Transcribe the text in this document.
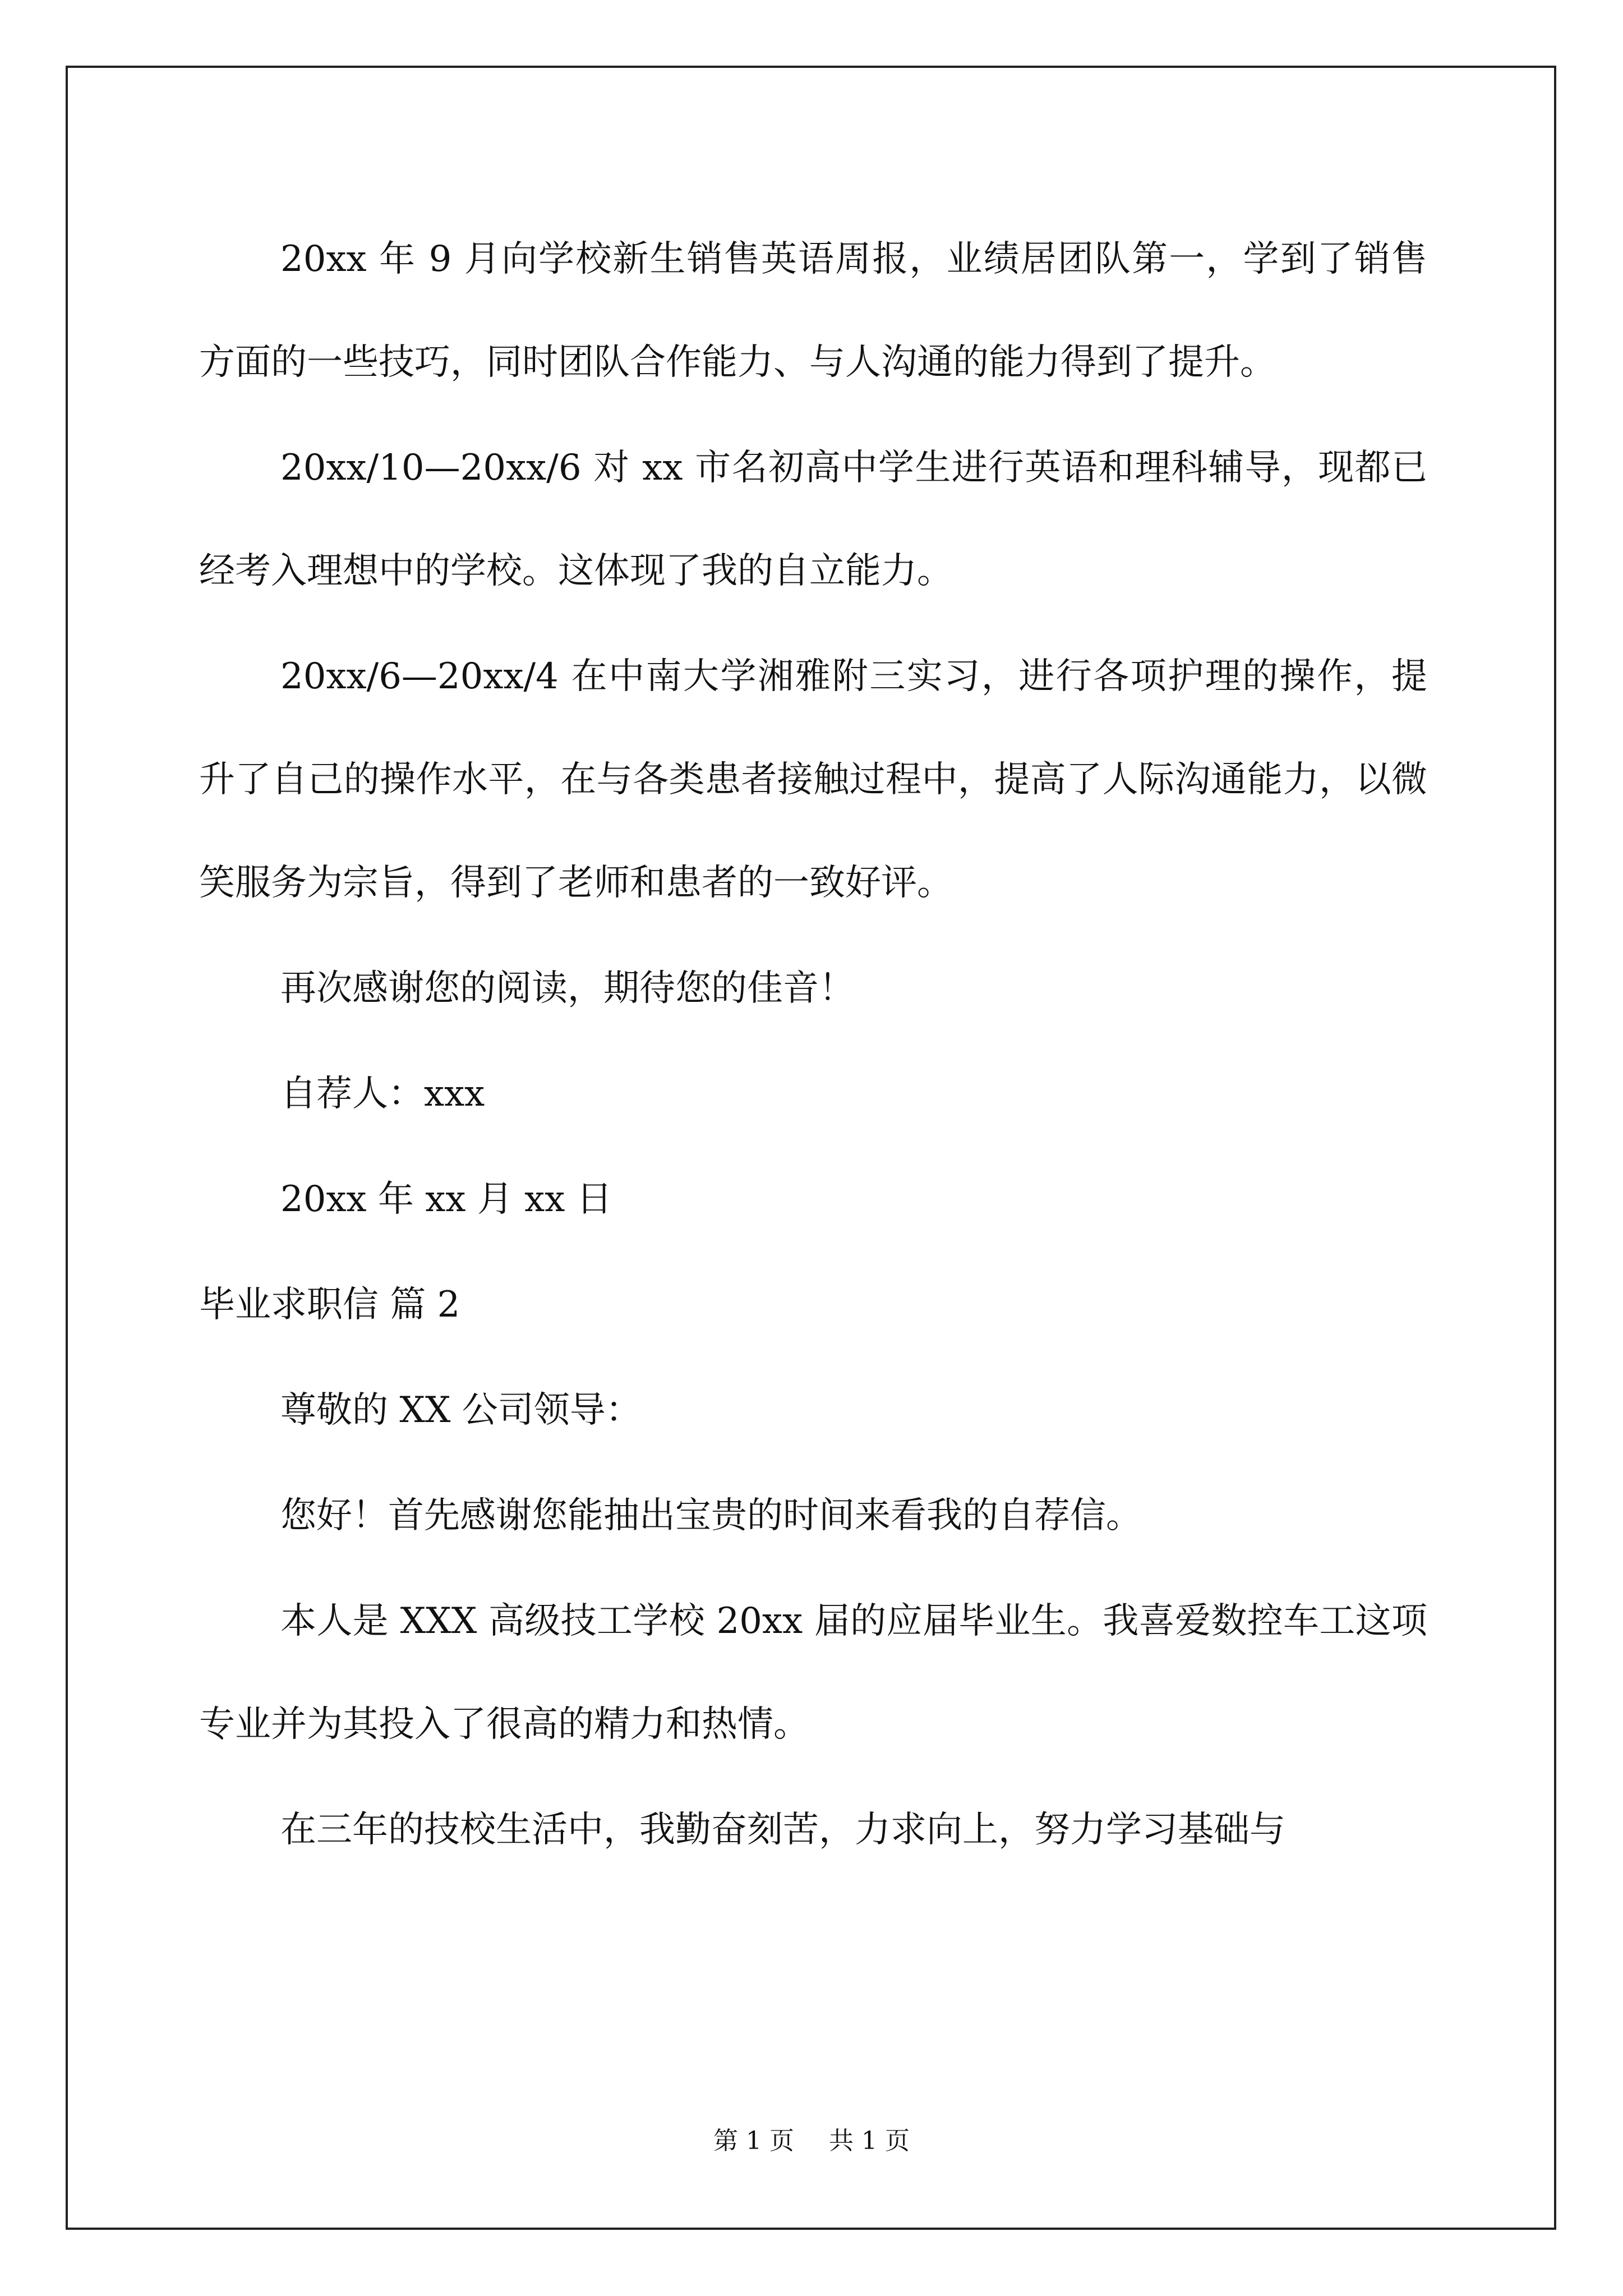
20xx 年 9 月向学校新生销售英语周报，业绩居团队第一，学到了销售方面的一些技巧，同时团队合作能力、与人沟通的能力得到了提升。

20xx/10—20xx/6 对 xx 市名初高中学生进行英语和理科辅导，现都已经考入理想中的学校。这体现了我的自立能力。

20xx/6—20xx/4 在中南大学湘雅附三实习，进行各项护理的操作，提升了自己的操作水平，在与各类患者接触过程中，提高了人际沟通能力，以微笑服务为宗旨，得到了老师和患者的一致好评。

再次感谢您的阅读，期待您的佳音！

自荐人：xxx

20xx 年 xx 月 xx 日

毕业求职信 篇 2

尊敬的 XX 公司领导：

您好！首先感谢您能抽出宝贵的时间来看我的自荐信。

本人是 XXX 高级技工学校 20xx 届的应届毕业生。我喜爱数控车工这项专业并为其投入了很高的精力和热情。

在三年的技校生活中，我勤奋刻苦，力求向上，努力学习基础与

第 1 页 共 1 页
